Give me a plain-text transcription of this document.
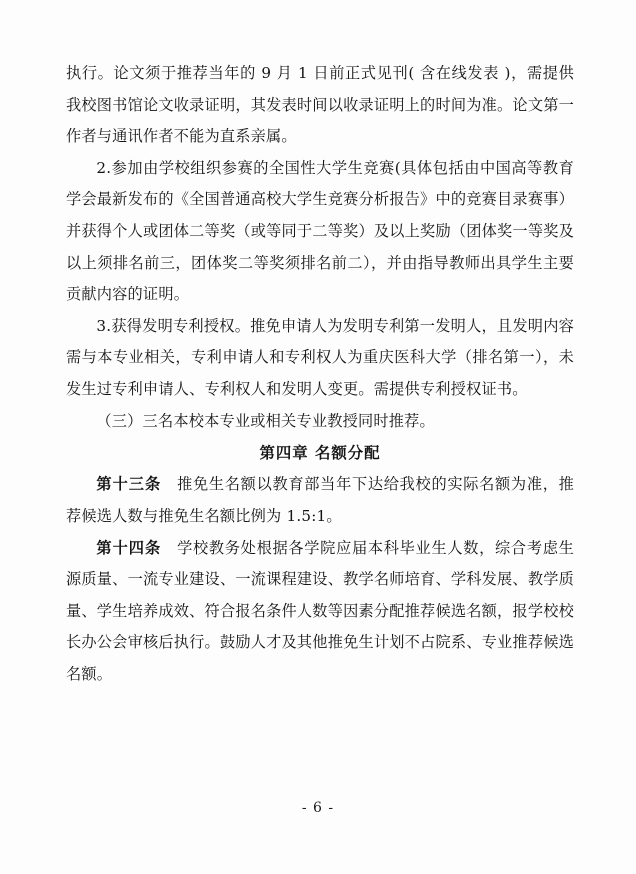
执行。论文须于推荐当年的 9 月 1 日前正式见刊( 含在线发表 )，需提供我校图书馆论文收录证明，其发表时间以收录证明上的时间为准。论文第一作者与通讯作者不能为直系亲属。

2.参加由学校组织参赛的全国性大学生竞赛(具体包括由中国高等教育学会最新发布的《全国普通高校大学生竞赛分析报告》中的竞赛目录赛事）并获得个人或团体二等奖（或等同于二等奖）及以上奖励（团体奖一等奖及以上须排名前三，团体奖二等奖须排名前二），并由指导教师出具学生主要贡献内容的证明。

3.获得发明专利授权。推免申请人为发明专利第一发明人，且发明内容需与本专业相关，专利申请人和专利权人为重庆医科大学（排名第一），未发生过专利申请人、专利权人和发明人变更。需提供专利授权证书。

（三）三名本校本专业或相关专业教授同时推荐。

第四章 名额分配

第十三条　 推免生名额以教育部当年下达给我校的实际名额为准，推荐候选人数与推免生名额比例为 1.5:1。

第十四条　 学校教务处根据各学院应届本科毕业生人数，综合考虑生源质量、一流专业建设、一流课程建设、教学名师培育、学科发展、教学质量、学生培养成效、符合报名条件人数等因素分配推荐候选名额，报学校校长办公会审核后执行。鼓励人才及其他推免生计划不占院系、专业推荐候选名额。

- 6 -
